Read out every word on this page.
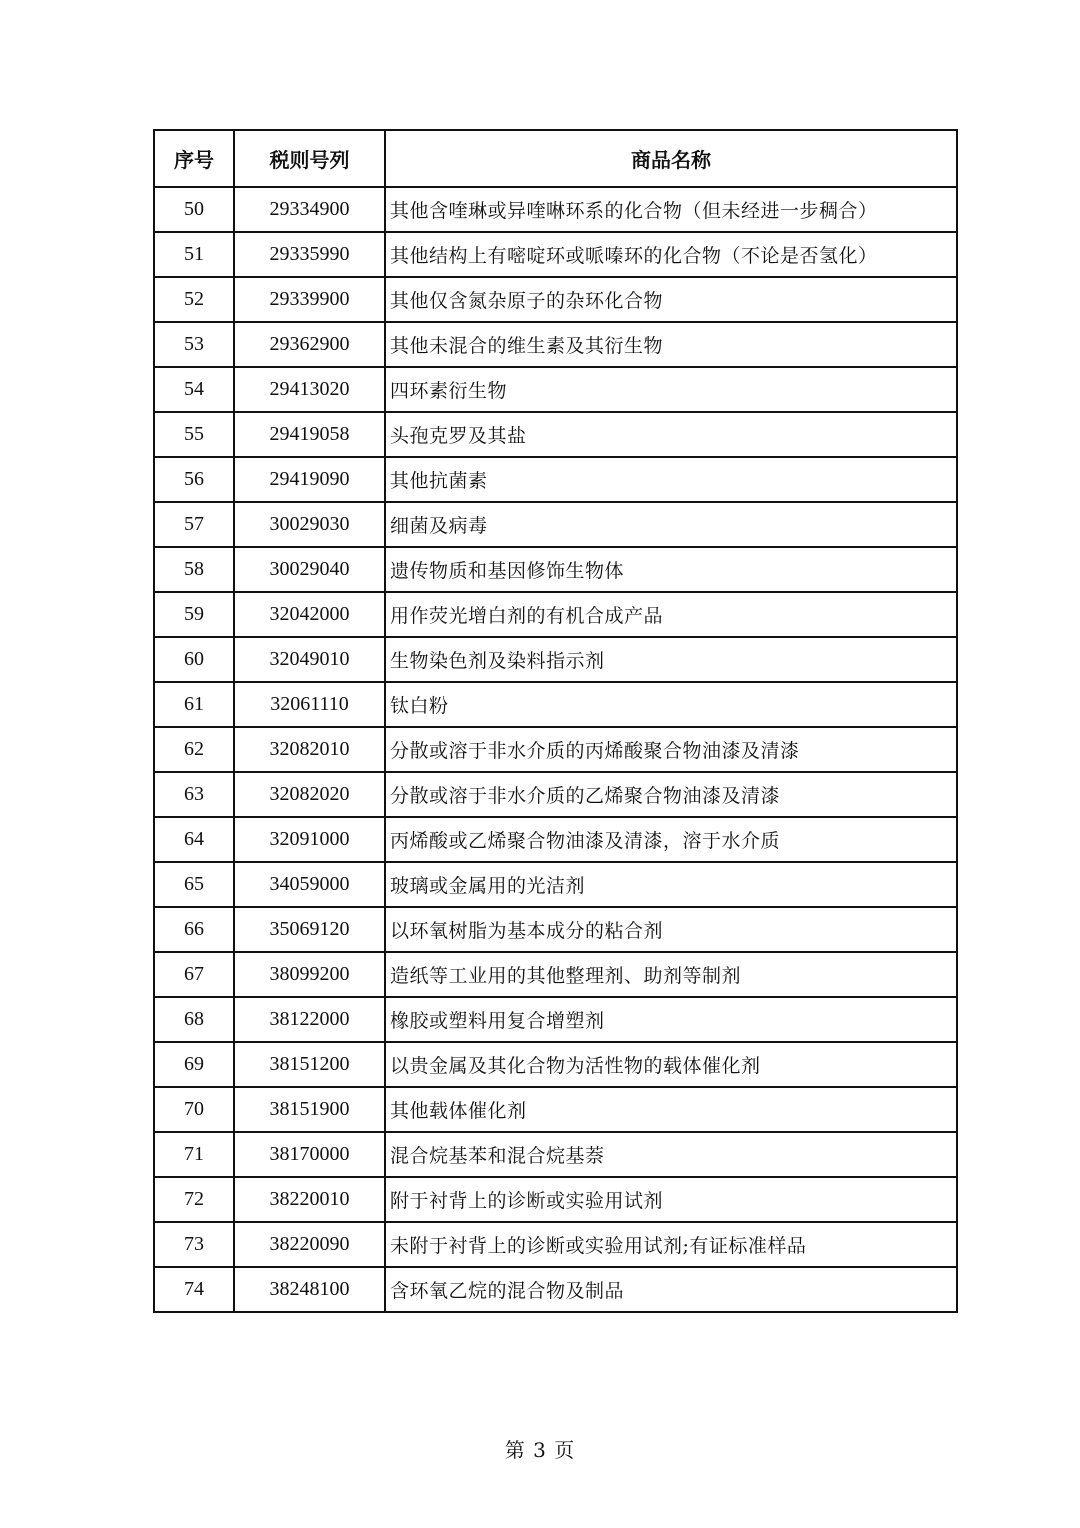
序号	税则号列	商品名称
50	29334900	其他含喹琳或异喹啉环系的化合物（但未经进一步稠合）
51	29335990	其他结构上有嘧啶环或哌嗪环的化合物（不论是否氢化）
52	29339900	其他仅含氮杂原子的杂环化合物
53	29362900	其他未混合的维生素及其衍生物
54	29413020	四环素衍生物
55	29419058	头孢克罗及其盐
56	29419090	其他抗菌素
57	30029030	细菌及病毒
58	30029040	遗传物质和基因修饰生物体
59	32042000	用作荧光增白剂的有机合成产品
60	32049010	生物染色剂及染料指示剂
61	32061110	钛白粉
62	32082010	分散或溶于非水介质的丙烯酸聚合物油漆及清漆
63	32082020	分散或溶于非水介质的乙烯聚合物油漆及清漆
64	32091000	丙烯酸或乙烯聚合物油漆及清漆，溶于水介质
65	34059000	玻璃或金属用的光洁剂
66	35069120	以环氧树脂为基本成分的粘合剂
67	38099200	造纸等工业用的其他整理剂、助剂等制剂
68	38122000	橡胶或塑料用复合增塑剂
69	38151200	以贵金属及其化合物为活性物的载体催化剂
70	38151900	其他载体催化剂
71	38170000	混合烷基苯和混合烷基萘
72	38220010	附于衬背上的诊断或实验用试剂
73	38220090	未附于衬背上的诊断或实验用试剂;有证标准样品
74	38248100	含环氧乙烷的混合物及制品
第 3 页
